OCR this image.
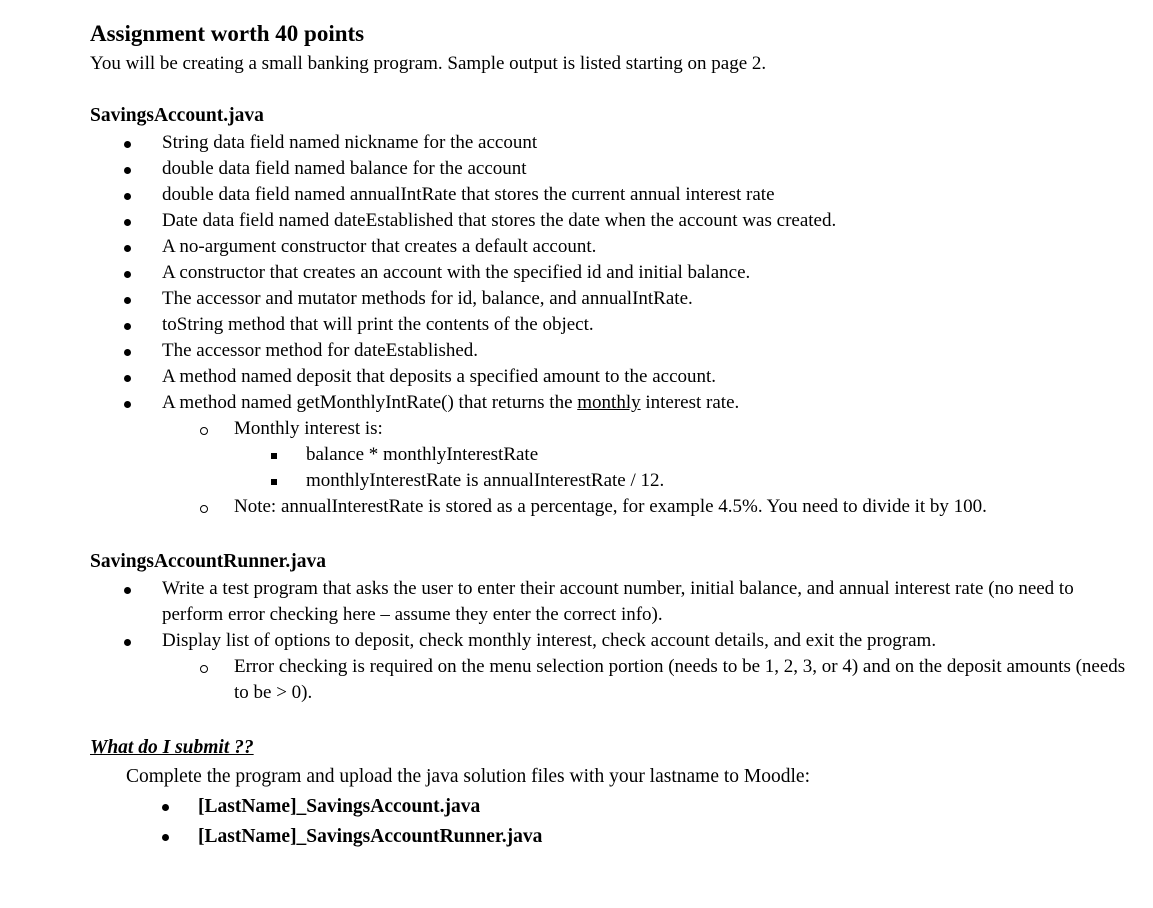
Assignment worth 40 points
You will be creating a small banking program. Sample output is listed starting on page 2.
SavingsAccount.java
String data field named nickname for the account
double data field named balance for the account
double data field named annualIntRate that stores the current annual interest rate
Date data field named dateEstablished that stores the date when the account was created.
A no-argument constructor that creates a default account.
A constructor that creates an account with the specified id and initial balance.
The accessor and mutator methods for id, balance, and annualIntRate.
toString method that will print the contents of the object.
The accessor method for dateEstablished.
A method named deposit that deposits a specified amount to the account.
A method named getMonthlyIntRate() that returns the monthly interest rate.
Monthly interest is:
balance * monthlyInterestRate
monthlyInterestRate is annualInterestRate / 12.
Note: annualInterestRate is stored as a percentage, for example 4.5%. You need to divide it by 100.
SavingsAccountRunner.java
Write a test program that asks the user to enter their account number, initial balance, and annual interest rate (no need to perform error checking here – assume they enter the correct info).
Display list of options to deposit, check monthly interest, check account details, and exit the program.
Error checking is required on the menu selection portion (needs to be 1, 2, 3, or 4) and on the deposit amounts (needs to be > 0).
What do I submit ??
Complete the program and upload the java solution files with your lastname to Moodle:
[LastName]_SavingsAccount.java
[LastName]_SavingsAccountRunner.java
